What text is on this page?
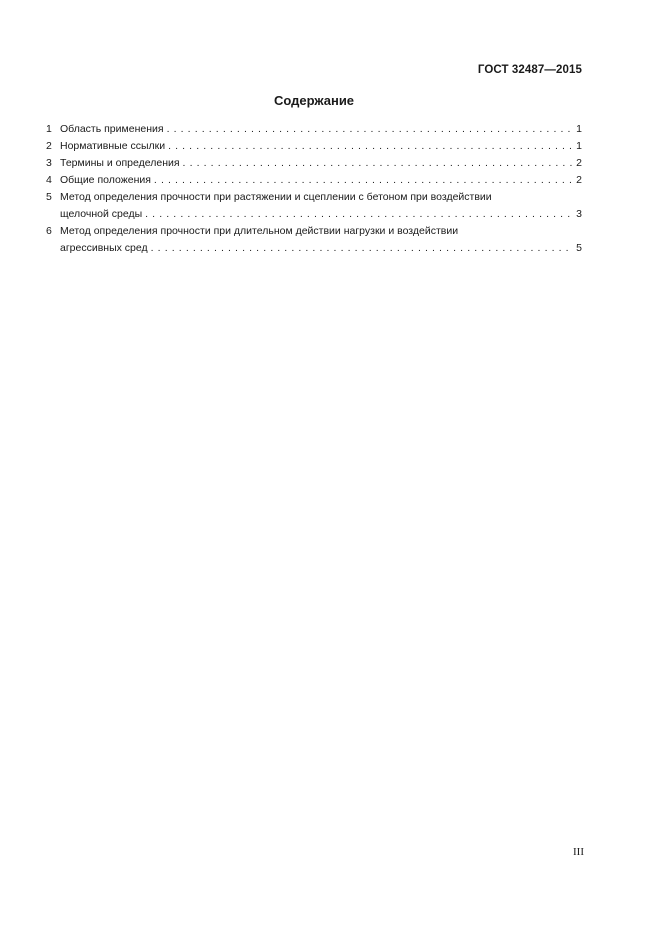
ГОСТ 32487—2015
Содержание
1 Область применения . . .	1
2 Нормативные ссылки . . .	1
3 Термины и определения . . .	2
4 Общие положения . . .	2
5 Метод определения прочности при растяжении и сцеплении с бетоном при воздействии
щелочной среды . . .	3
6 Метод определения прочности при длительном действии нагрузки и воздействии
агрессивных сред . . .	5
III
